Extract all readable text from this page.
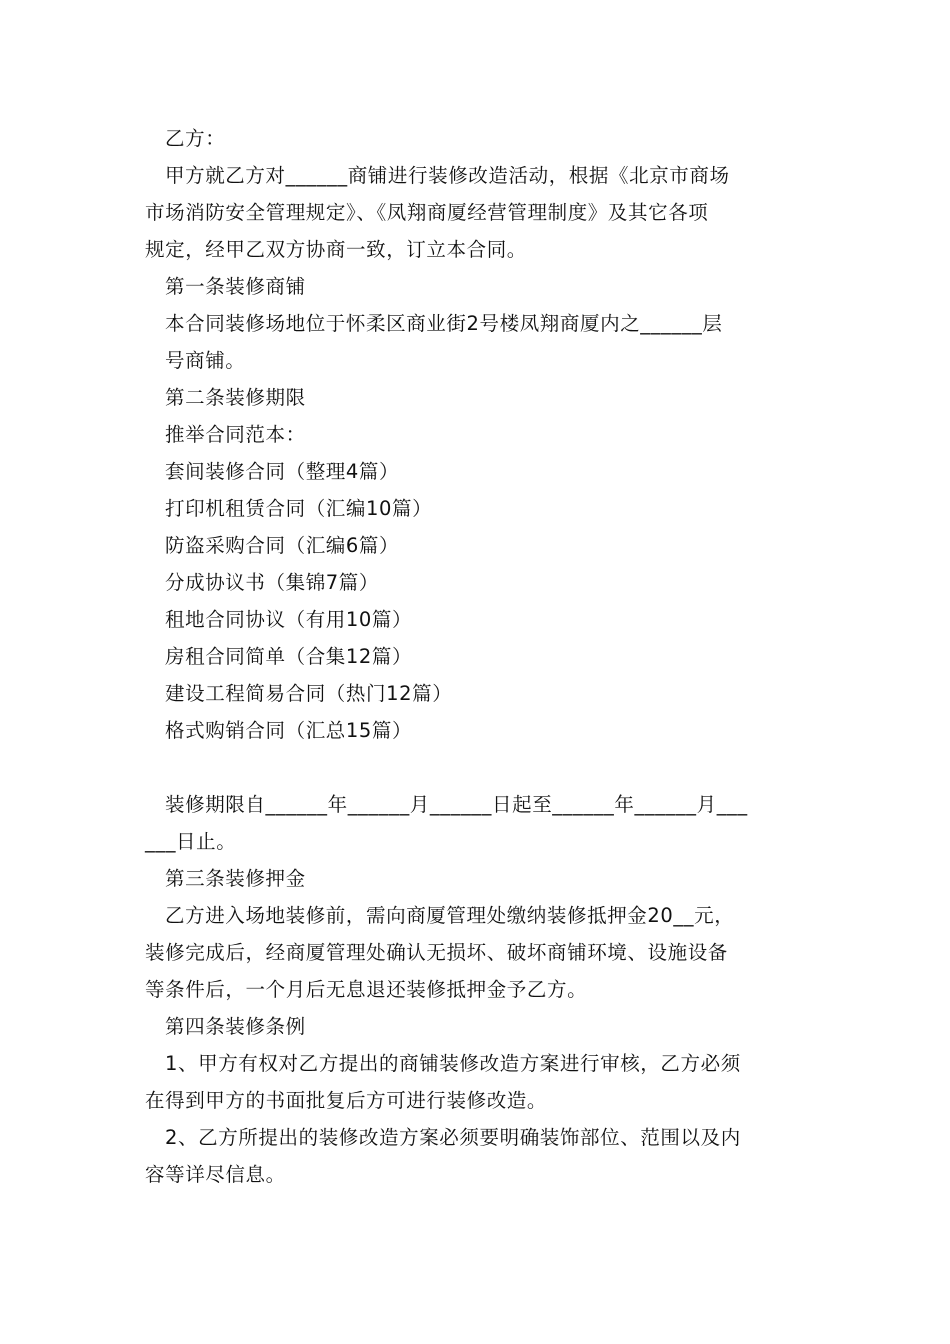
乙方：
甲方就乙方对______商铺进行装修改造活动，根据《北京市商场
市场消防安全管理规定》、《凤翔商厦经营管理制度》及其它各项
规定，经甲乙双方协商一致，订立本合同。
第一条装修商铺
本合同装修场地位于怀柔区商业街2号楼凤翔商厦内之______层
号商铺。
第二条装修期限
推举合同范本：
套间装修合同（整理4篇）
打印机租赁合同（汇编10篇）
防盗采购合同（汇编6篇）
分成协议书（集锦7篇）
租地合同协议（有用10篇）
房租合同简单（合集12篇）
建设工程简易合同（热门12篇）
格式购销合同（汇总15篇）
装修期限自______年______月______日起至______年______月___
___日止。
第三条装修押金
乙方进入场地装修前，需向商厦管理处缴纳装修抵押金20__元，
装修完成后，经商厦管理处确认无损坏、破坏商铺环境、设施设备
等条件后，一个月后无息退还装修抵押金予乙方。
第四条装修条例
1、甲方有权对乙方提出的商铺装修改造方案进行审核，乙方必须
在得到甲方的书面批复后方可进行装修改造。
2、乙方所提出的装修改造方案必须要明确装饰部位、范围以及内
容等详尽信息。
